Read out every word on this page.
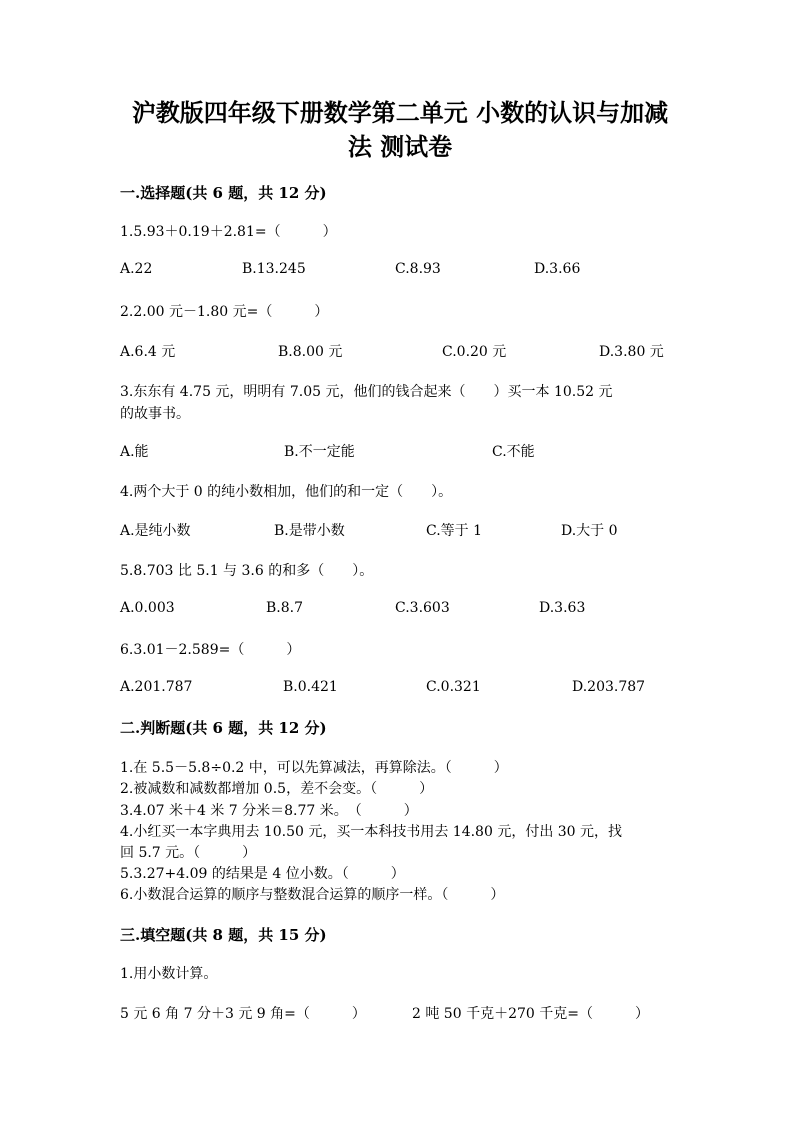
沪教版四年级下册数学第二单元 小数的认识与加减
法 测试卷
一.选择题(共 6 题，共 12 分)
1.5.93＋0.19＋2.81=（　　　）
A.22	B.13.245	C.8.93	D.3.66
2.2.00 元－1.80 元=（　　　）
A.6.4 元	B.8.00 元	C.0.20 元	D.3.80 元
3.东东有 4.75 元，明明有 7.05 元，他们的钱合起来（　　）买一本 10.52 元
的故事书。
A.能	B.不一定能	C.不能
4.两个大于 0 的纯小数相加，他们的和一定（　　）。
A.是纯小数	B.是带小数	C.等于 1	D.大于 0
5.8.703 比 5.1 与 3.6 的和多（　　）。
A.0.003	B.8.7	C.3.603	D.3.63
6.3.01－2.589=（　　　）
A.201.787	B.0.421	C.0.321	D.203.787
二.判断题(共 6 题，共 12 分)
1.在 5.5－5.8÷0.2 中，可以先算减法，再算除法。（　　　）
2.被减数和减数都增加 0.5，差不会变。（　　　）
3.4.07 米＋4 米 7 分米＝8.77 米。　（　　　）
4.小红买一本字典用去 10.50 元，买一本科技书用去 14.80 元，付出 30 元，找
回 5.7 元。（　　　）
5.3.27+4.09 的结果是 4 位小数。（　　　）
6.小数混合运算的顺序与整数混合运算的顺序一样。（　　　）
三.填空题(共 8 题，共 15 分)
1.用小数计算。
5 元 6 角 7 分＋3 元 9 角=（　　　）	2 吨 50 千克＋270 千克=（　　　）
